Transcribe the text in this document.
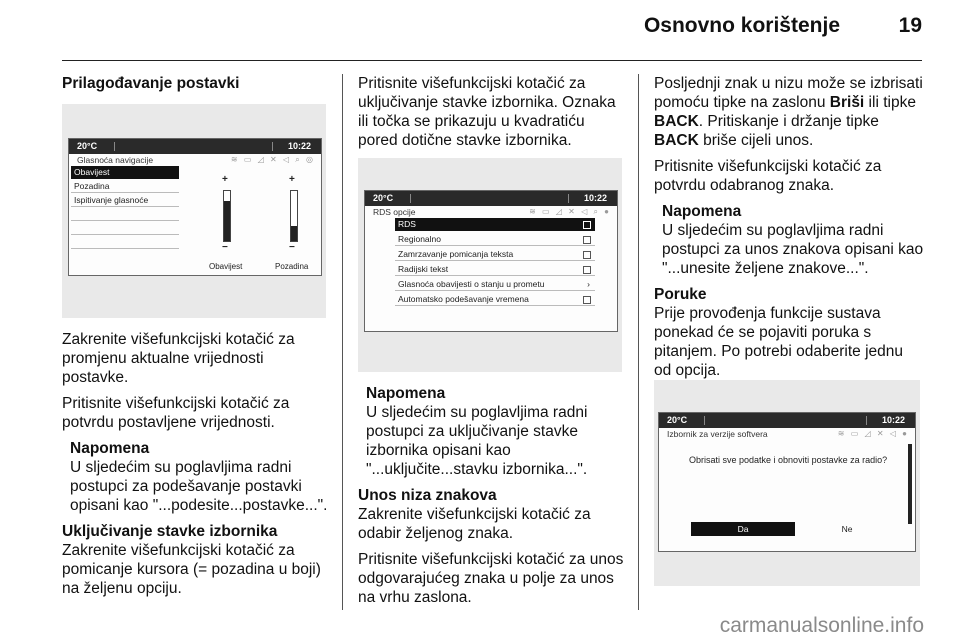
Osnovno korištenje	19

Prilagođavanje postavki

20°C	10:22
Glasnoća navigacije	≋ ▭ ◿ ✕ ◁ ⌕ ◎
Obavijest
Pozadina
Ispitivanje glasnoće
+
−
+
−
Obavijest	Pozadina

Zakrenite višefunkcijski kotačić za promjenu aktualne vrijednosti postavke.

Pritisnite višefunkcijski kotačić za potvrdu postavljene vrijednosti.

Napomena

U sljedećim su poglavljima radni postupci za podešavanje postavki opisani kao "...podesite...postavke...".

Uključivanje stavke izbornika

Zakrenite višefunkcijski kotačić za pomicanje kursora (= pozadina u boji) na željenu opciju.

Pritisnite višefunkcijski kotačić za uključivanje stavke izbornika. Oznaka ili točka se prikazuju u kvadratiću pored dotične stavke izbornika.

20°C	10:22
RDS opcije	≋ ▭ ◿ ✕ ◁ ⌕ ●
RDS
Regionalno
Zamrzavanje pomicanja teksta
Radijski tekst
Glasnoća obavijesti o stanju u prometu	›
Automatsko podešavanje vremena
Napomena

U sljedećim su poglavljima radni postupci za uključivanje stavke izbornika opisani kao "...uključite...stavku izbornika...".

Unos niza znakova

Zakrenite višefunkcijski kotačić za odabir željenog znaka.

Pritisnite višefunkcijski kotačić za unos odgovarajućeg znaka u polje za unos na vrhu zaslona.

Posljednji znak u nizu može se izbrisati pomoću tipke na zaslonu Briši ili tipke BACK. Pritiskanje i držanje tipke BACK briše cijeli unos.

Pritisnite višefunkcijski kotačić za potvrdu odabranog znaka.

Napomena

U sljedećim su poglavljima radni postupci za unos znakova opisani kao "...unesite željene znakove...".

Poruke

Prije provođenja funkcije sustava ponekad će se pojaviti poruka s pitanjem. Po potrebi odaberite jednu od opcija.

20°C	10:22
Izbornik za verzije softvera	≋ ▭ ◿ ✕ ◁ ●
Obrisati sve podatke i obnoviti postavke za radio?
Da	Ne
carmanualsonline.info
